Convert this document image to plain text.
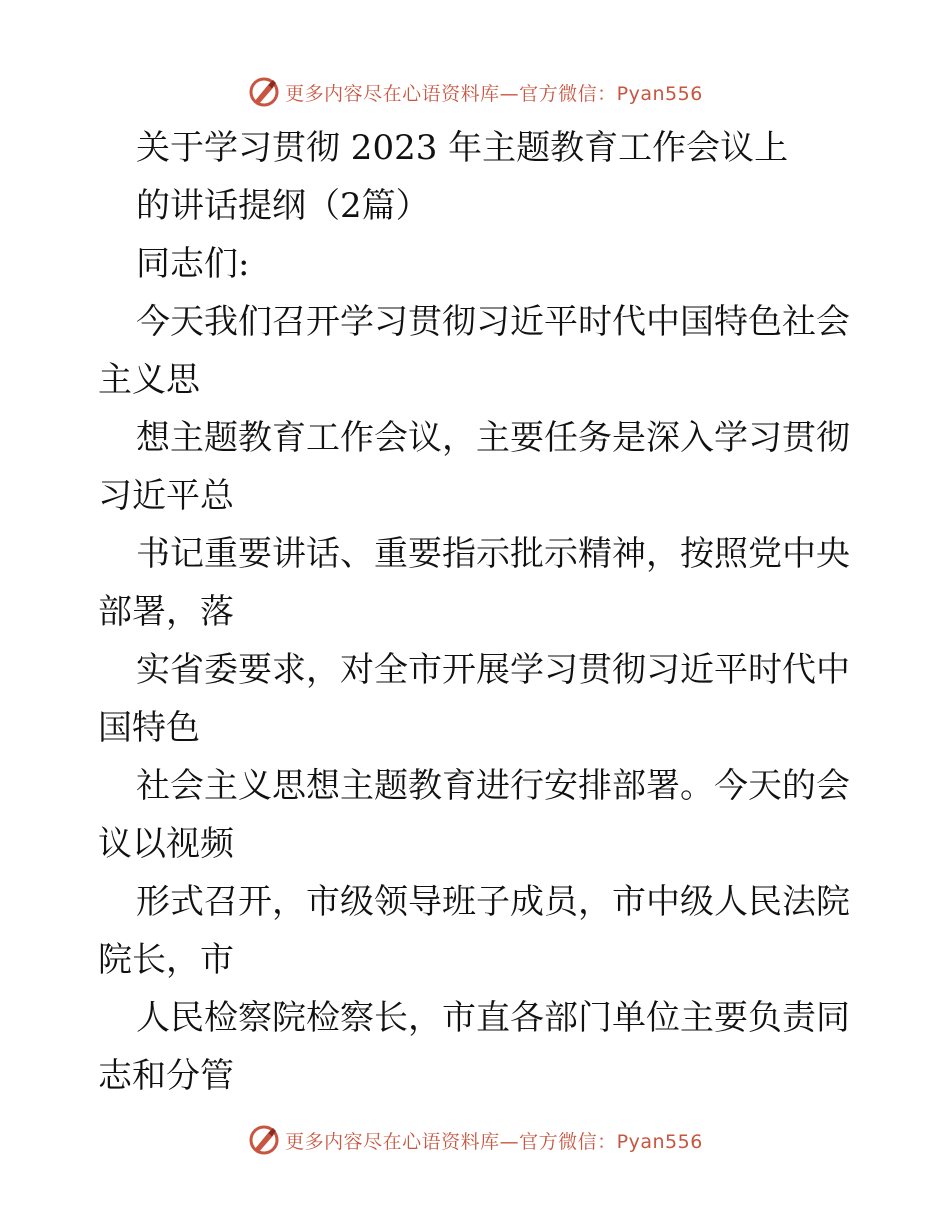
更多内容尽在心语资料库—官方微信：Pyan556
关于学习贯彻 2023 年主题教育工作会议上
的讲话提纲（2篇）
同志们:
今天我们召开学习贯彻习近平时代中国特色社会
主义思
想主题教育工作会议，主要任务是深入学习贯彻
习近平总
书记重要讲话、重要指示批示精神，按照党中央
部署，落
实省委要求，对全市开展学习贯彻习近平时代中
国特色
社会主义思想主题教育进行安排部署。今天的会
议以视频
形式召开，市级领导班子成员，市中级人民法院
院长，市
人民检察院检察长，市直各部门单位主要负责同
志和分管
更多内容尽在心语资料库—官方微信：Pyan556
